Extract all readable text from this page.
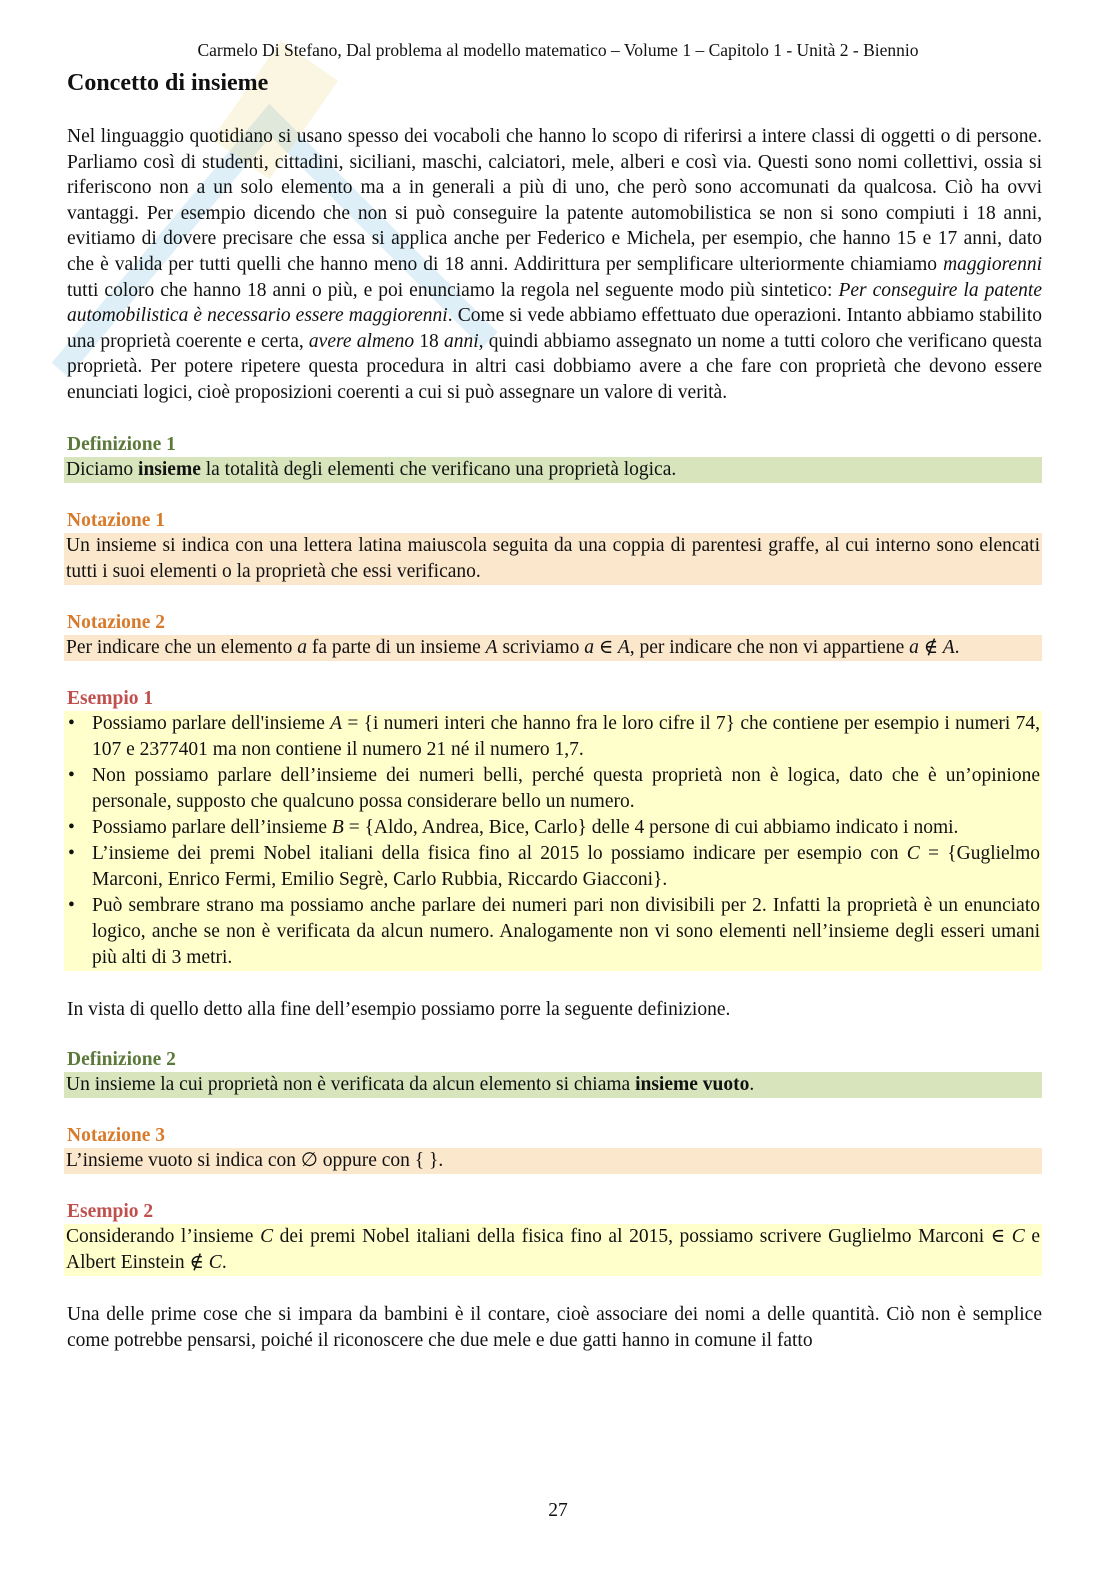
Carmelo Di Stefano, Dal problema al modello matematico – Volume 1 – Capitolo 1 - Unità 2 - Biennio
Concetto di insieme

Nel linguaggio quotidiano si usano spesso dei vocaboli che hanno lo scopo di riferirsi a intere classi di oggetti o di persone. Parliamo così di studenti, cittadini, siciliani, maschi, calciatori, mele, alberi e così via. Questi sono nomi collettivi, ossia si riferiscono non a un solo elemento ma a in generali a più di uno, che però sono accomunati da qualcosa. Ciò ha ovvi vantaggi. Per esempio dicendo che non si può conseguire la patente automobilistica se non si sono compiuti i 18 anni, evitiamo di dovere precisare che essa si applica anche per Federico e Michela, per esempio, che hanno 15 e 17 anni, dato che è valida per tutti quelli che hanno meno di 18 anni. Addirittura per semplificare ulteriormente chiamiamo maggiorenni tutti coloro che hanno 18 anni o più, e poi enunciamo la regola nel seguente modo più sintetico: Per conseguire la patente automobilistica è necessario essere maggiorenni. Come si vede abbiamo effettuato due operazioni. Intanto abbiamo stabilito una proprietà coerente e certa, avere almeno 18 anni, quindi abbiamo assegnato un nome a tutti coloro che verificano questa proprietà. Per potere ripetere questa procedura in altri casi dobbiamo avere a che fare con proprietà che devono essere enunciati logici, cioè proposizioni coerenti a cui si può assegnare un valore di verità.

Definizione 1

Diciamo insieme la totalità degli elementi che verificano una proprietà logica.

Notazione 1

Un insieme si indica con una lettera latina maiuscola seguita da una coppia di parentesi graffe, al cui interno sono elencati tutti i suoi elementi o la proprietà che essi verificano.

Notazione 2

Per indicare che un elemento a fa parte di un insieme A scriviamo a ∈ A, per indicare che non vi appartiene a ∉ A.

Esempio 1

• Possiamo parlare dell'insieme A = {i numeri interi che hanno fra le loro cifre il 7} che contiene per esempio i numeri 74, 107 e 2377401 ma non contiene il numero 21 né il numero 1,7.
• Non possiamo parlare dell’insieme dei numeri belli, perché questa proprietà non è logica, dato che è un’opinione personale, supposto che qualcuno possa considerare bello un numero.
• Possiamo parlare dell’insieme B = {Aldo, Andrea, Bice, Carlo} delle 4 persone di cui abbiamo indicato i nomi.
• L’insieme dei premi Nobel italiani della fisica fino al 2015 lo possiamo indicare per esempio con C = {Guglielmo Marconi, Enrico Fermi, Emilio Segrè, Carlo Rubbia, Riccardo Giacconi}.
• Può sembrare strano ma possiamo anche parlare dei numeri pari non divisibili per 2. Infatti la proprietà è un enunciato logico, anche se non è verificata da alcun numero. Analogamente non vi sono elementi nell’insieme degli esseri umani più alti di 3 metri.

In vista di quello detto alla fine dell’esempio possiamo porre la seguente definizione.

Definizione 2

Un insieme la cui proprietà non è verificata da alcun elemento si chiama insieme vuoto.

Notazione 3

L’insieme vuoto si indica con ∅ oppure con { }.

Esempio 2

Considerando l’insieme C dei premi Nobel italiani della fisica fino al 2015, possiamo scrivere Guglielmo Marconi ∈ C e Albert Einstein ∉ C.

Una delle prime cose che si impara da bambini è il contare, cioè associare dei nomi a delle quantità. Ciò non è semplice come potrebbe pensarsi, poiché il riconoscere che due mele e due gatti hanno in comune il fatto

27
